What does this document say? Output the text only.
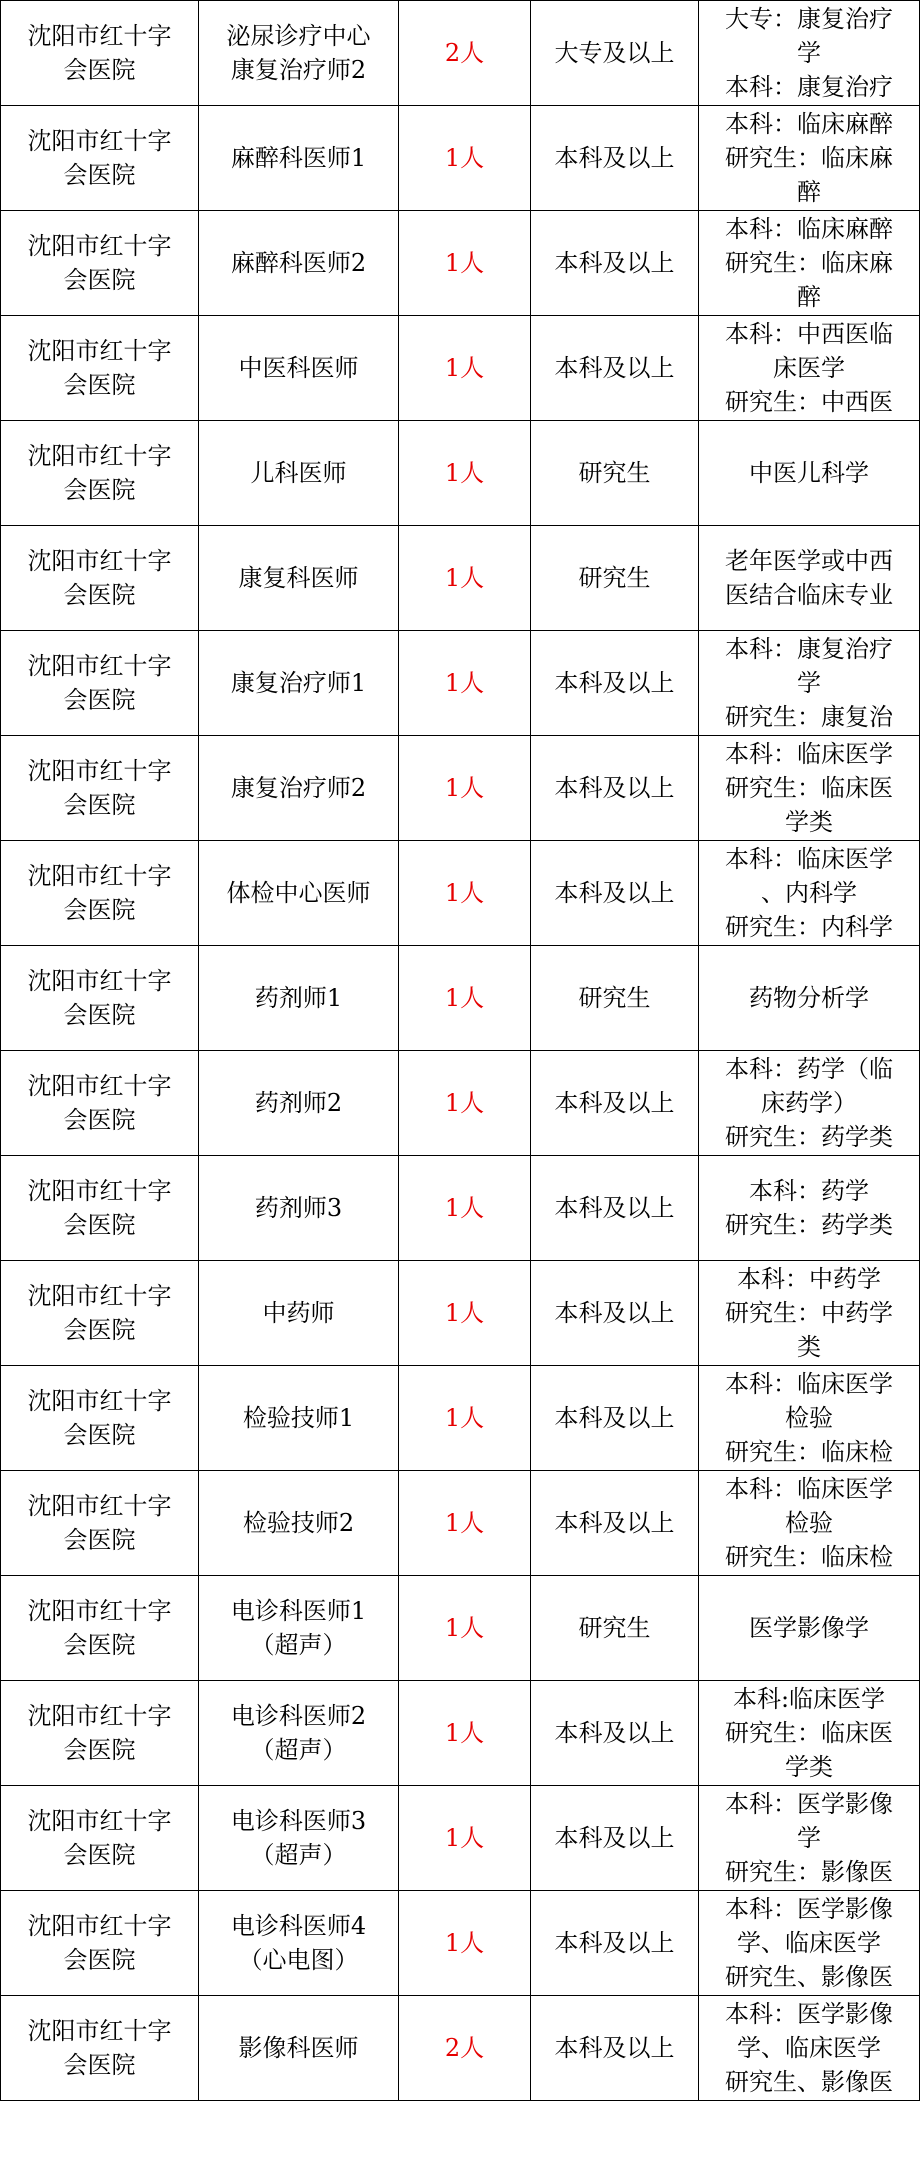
沈阳市红十字
会医院	泌尿诊疗中心
康复治疗师2	2人	大专及以上	大专：康复治疗
学
本科：康复治疗

沈阳市红十字
会医院	麻醉科医师1	1人	本科及以上	本科：临床麻醉
研究生：临床麻
醉

沈阳市红十字
会医院	麻醉科医师2	1人	本科及以上	本科：临床麻醉
研究生：临床麻
醉

沈阳市红十字
会医院	中医科医师	1人	本科及以上	本科：中西医临
床医学
研究生：中西医

沈阳市红十字
会医院	儿科医师	1人	研究生	中医儿科学

沈阳市红十字
会医院	康复科医师	1人	研究生	老年医学或中西
医结合临床专业

沈阳市红十字
会医院	康复治疗师1	1人	本科及以上	本科：康复治疗
学
研究生：康复治

沈阳市红十字
会医院	康复治疗师2	1人	本科及以上	本科：临床医学
研究生：临床医
学类

沈阳市红十字
会医院	体检中心医师	1人	本科及以上	本科：临床医学
、内科学
研究生：内科学

沈阳市红十字
会医院	药剂师1	1人	研究生	药物分析学

沈阳市红十字
会医院	药剂师2	1人	本科及以上	本科：药学（临
床药学）
研究生：药学类

沈阳市红十字
会医院	药剂师3	1人	本科及以上	本科：药学
研究生：药学类

沈阳市红十字
会医院	中药师	1人	本科及以上	本科：中药学
研究生：中药学
类

沈阳市红十字
会医院	检验技师1	1人	本科及以上	本科：临床医学
检验
研究生：临床检

沈阳市红十字
会医院	检验技师2	1人	本科及以上	本科：临床医学
检验
研究生：临床检

沈阳市红十字
会医院	电诊科医师1
（超声）	1人	研究生	医学影像学

沈阳市红十字
会医院	电诊科医师2
（超声）	1人	本科及以上	本科:临床医学
研究生：临床医
学类

沈阳市红十字
会医院	电诊科医师3
（超声）	1人	本科及以上	本科：医学影像
学
研究生：影像医

沈阳市红十字
会医院	电诊科医师4
（心电图）	1人	本科及以上	本科：医学影像
学、临床医学
研究生、影像医

沈阳市红十字
会医院	影像科医师	2人	本科及以上	本科：医学影像
学、临床医学
研究生、影像医
